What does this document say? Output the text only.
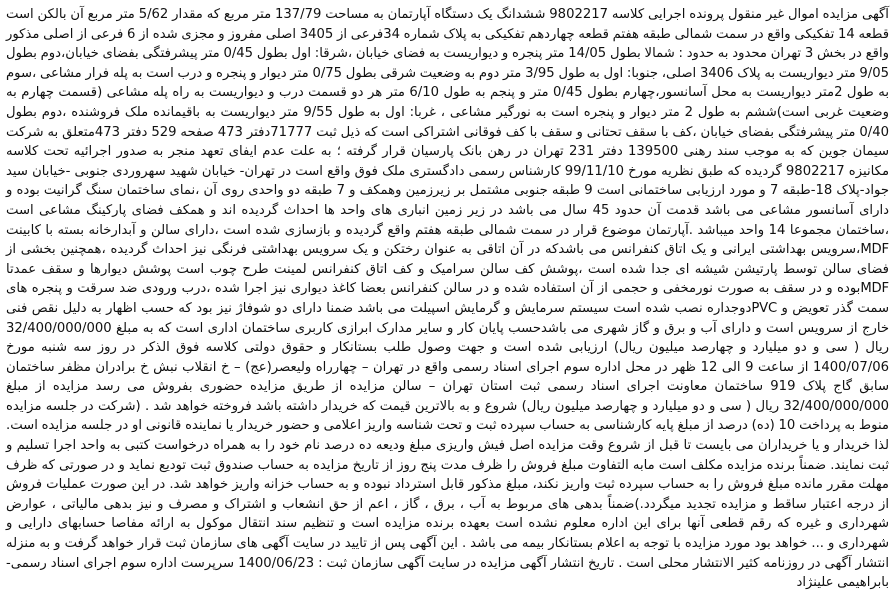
آگهی مزایده اموال غیر منقول پرونده اجرایی کلاسه 9802217 ششدانگ یک دستگاه آپارتمان به مساحت 137/79 متر مربع که مقدار 5/62 متر مربع آن بالکن است قطعه 14 تفکیکی واقع در سمت شمالی طبقه هفتم قطعه چهاردهم تفکیکی به پلاک شماره 34فرعی از 3405 اصلی مفروز و مجزی شده از 6 فرعی از اصلی مذکور واقع در بخش 3 تهران محدود به حدود : شمالا بطول 14/05 متر پنجره و دیواریست به فضای خیابان ،شرقا: اول بطول 0/45 متر پیشرفتگی بفضای خیابان،دوم بطول 9/05 متر دیواریست به پلاک 3406 اصلی، جنوبا: اول به طول 3/95 متر دوم به وضعیت شرقی بطول 0/75 متر دیوار و پنجره و درب است به پله فرار مشاعی ،سوم به طول 2متر دیواریست به محل آسانسور،چهارم بطول 0/45 متر و پنجم به طول 6/10 متر هر دو قسمت درب و دیواریست به راه پله مشاعی (قسمت چهارم به وضعیت غربی است)ششم به طول 2 متر دیوار و پنجره است به نورگیر مشاعی ، غربا: اول به طول 9/55 متر دیواریست به باقیمانده ملک فروشنده ،دوم بطول 0/40 متر پیشرفتگی بفضای خیابان ،کف با سقف تحتانی و سقف با کف فوقانی اشتراکی است که ذیل ثبت 71777دفتر 473 صفحه 529 دفتر 473متعلق به شرکت سیمان جوین که به موجب سند رهنی 139500 دفتر 231 تهران در رهن بانک پارسیان قرار گرفته ؛ به علت عدم ایفای تعهد منجر به صدور اجرائیه تحت کلاسه مکانیزه 9802217 گردیده که طبق نظریه مورخ 99/11/10 کارشناس رسمی دادگستری ملک فوق واقع است در تهران- خیابان شهید سهروردی جنوبی -خیابان سید جواد-پلاک 18-طبقه 7 و مورد ارزیابی ساختمانی است 9 طبقه جنوبی مشتمل بر زیرزمین وهمکف و 7 طبقه دو واحدی روی آن ،نمای ساختمان سنگ گرانیت بوده و دارای آسانسور مشاعی می باشد قدمت آن حدود 45 سال می باشد در زیر زمین انباری های واحد ها احداث گردیده اند و همکف فضای پارکینگ مشاعی است ،ساختمان مجموعا 14 واحد میباشد .آپارتمان موضوع قرار در سمت شمالی طبقه هفتم واقع گردیده و بازسازی شده است ،دارای سالن و آبدارخانه بسته با کابینت MDF،سرویس بهداشتی ایرانی و یک اتاق کنفرانس می باشدکه در آن اتاقی به عنوان رختکن و یک سرویس بهداشتی فرنگی نیز احداث گردیده ،همچنین بخشی از فضای سالن توسط پارتیشن شیشه ای جدا شده است ،پوشش کف سالن سرامیک و کف اتاق کنفرانس لمینت طرح چوب است پوشش دیوارها و سقف عمدتا MDFبوده و در سقف به صورت نورمخفی و حجمی از آن استفاده شده و در سالن کنفرانس بعضا کاغذ دیواری نیز اجرا شده ،درب ورودی ضد سرقت و پنجره های سمت گذر تعویض و PVCدوجداره نصب شده است سیستم سرمایش و گرمایش اسپیلت می باشد ضمنا دارای دو شوفاژ نیز بود که حسب اظهار به دلیل نقص فنی خارج از سرویس است و دارای آب و برق و گاز شهری می باشدحسب پایان کار و سایر مدارک ابرازی کاربری ساختمان اداری است که به مبلغ 32/400/000/000 ریال ( سی و دو میلیارد و چهارصد میلیون ریال) ارزیابی شده است و جهت وصول طلب بستانکار و حقوق دولتی کلاسه فوق الذکر در روز سه شنبه مورخ 1400/07/06 از ساعت 9 الی 12 ظهر در محل اداره سوم اجرای اسناد رسمی واقع در تهران – چهارراه ولیعصر(عج) – خ انقلاب نبش خ برادران مظفر ساختمان سابق گاج پلاک 919 ساختمان معاونت اجرای اسناد رسمی ثبت استان تهران – سالن مزایده از طریق مزایده حضوری بفروش می رسد مزایده از مبلغ 32/400/000/000 ریال ( سی و دو میلیارد و چهارصد میلیون ریال) شروع و به بالاترین قیمت که خریدار داشته باشد فروخته خواهد شد . (شرکت در جلسه مزایده منوط به پرداخت 10 (ده) درصد از مبلغ پایه کارشناسی به حساب سپرده ثبت و تحت شناسه واریز اعلامی و حضور خریدار یا نماینده قانونی او در جلسه مزایده است. لذا خریدار و یا خریداران می بایست تا قبل از شروع وقت مزایده اصل فیش واریزی مبلغ ودیعه ده درصد نام خود را به همراه درخواست کتبی به واحد اجرا تسلیم و ثبت نمایند. ضمناً برنده مزایده مکلف است مابه التفاوت مبلغ فروش را ظرف مدت پنج روز از تاریخ مزایده به حساب صندوق ثبت تودیع نماید و در صورتی که ظرف مهلت مقرر مانده مبلغ فروش را به حساب سپرده ثبت واریز نکند، مبلغ مذکور قابل استرداد نبوده و به حساب خزانه واریز خواهد شد. در این صورت عملیات فروش از درجه اعتبار ساقط و مزایده تجدید میگردد.)ضمناً بدهی های مربوط به آب ، برق ، گاز ، اعم از حق انشعاب و اشتراک و مصرف و نیز بدهی مالیاتی ، عوارض شهرداری و غیره که رقم قطعی آنها برای این اداره معلوم نشده است بعهده برنده مزایده است و تنظیم سند انتقال موکول به ارائه مفاصا حسابهای دارایی و شهرداری و ... خواهد بود مورد مزایده با توجه به اعلام بستانکار بیمه می باشد . این آگهی پس از تایید در سایت آگهی های سازمان ثبت قرار خواهد گرفت و به منزله انتشار آگهی در روزنامه کثیر الانتشار محلی است . تاریخ انتشار آگهی مزایده در سایت آگهی سازمان ثبت : 1400/06/23 سرپرست اداره سوم اجرای اسناد رسمی- بابراهیمی علینژاد
